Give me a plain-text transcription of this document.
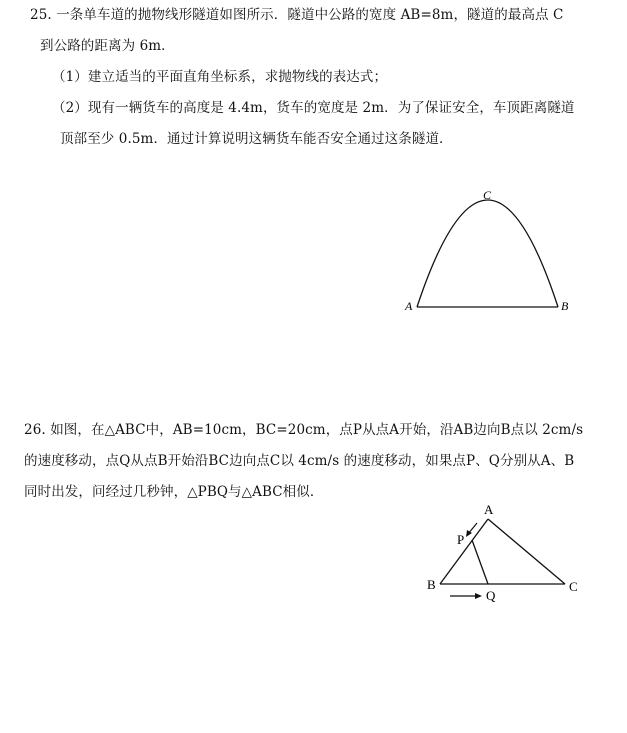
25. 一条单车道的抛物线形隧道如图所示．隧道中公路的宽度 AB=8m，隧道的最高点 C
到公路的距离为 6m．
（1）建立适当的平面直角坐标系，求抛物线的表达式；
（2）现有一辆货车的高度是 4.4m，货车的宽度是 2m．为了保证安全，车顶距离隧道
顶部至少 0.5m．通过计算说明这辆货车能否安全通过这条隧道．
A	B
C
26. 如图，在△ABC中，AB=10cm，BC=20cm，点P从点A开始，沿AB边向B点以 2cm/s
的速度移动，点Q从点B开始沿BC边向点C以 4cm/s 的速度移动，如果点P、Q分别从A、B
同时出发，问经过几秒钟，△PBQ与△ABC相似．
A
B	C
P
Q
